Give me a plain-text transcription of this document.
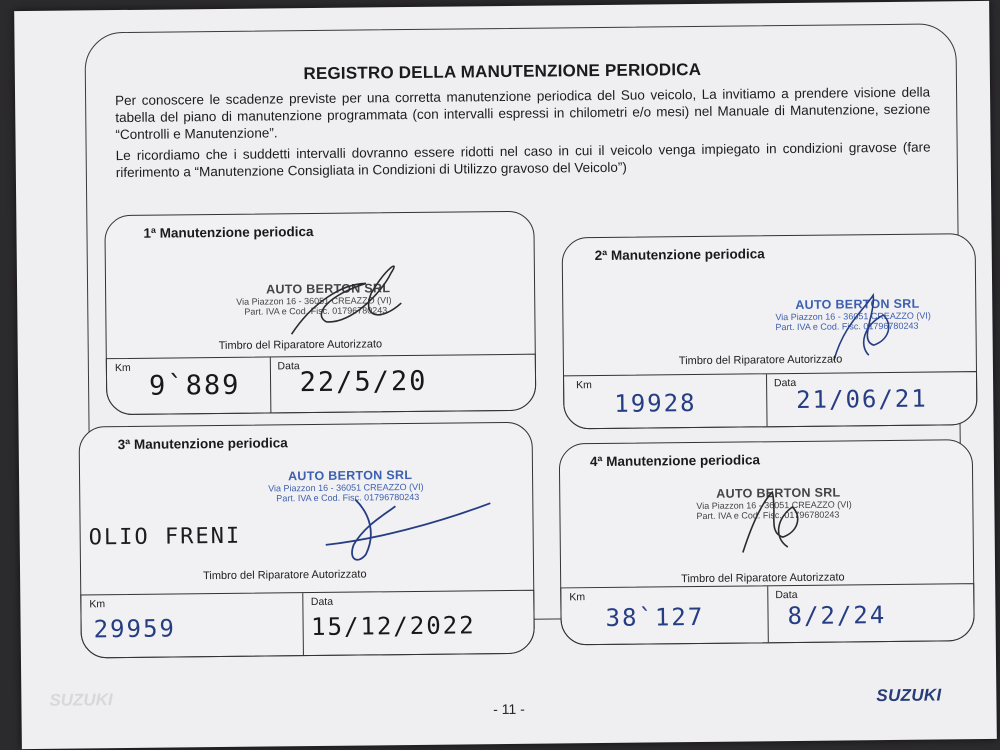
REGISTRO DELLA MANUTENZIONE PERIODICA

Per conoscere le scadenze previste per una corretta manutenzione periodica del Suo veicolo, La invitiamo a prendere visione della tabella del piano di manutenzione programmata (con intervalli espressi in chilometri e/o mesi) nel Manuale di Manutenzione, sezione “Controlli e Manutenzione”.

Le ricordiamo che i suddetti intervalli dovranno essere ridotti nel caso in cui il veicolo venga impiegato in condizioni gravose (fare riferimento a “Manutenzione Consigliata in Condizioni di Utilizzo gravoso del Veicolo”)

1ª Manutenzione periodica
AUTO BERTON SRL
Via Piazzon 16 - 36051 CREAZZO (VI)
Part. IVA e Cod. Fisc. 01796780243
Timbro del Riparatore Autorizzato
Km
9`889
Data 22/5/20
2ª Manutenzione periodica
AUTO BERTON SRL
Via Piazzon 16 - 36051 CREAZZO (VI)
Part. IVA e Cod. Fisc. 01796780243
Timbro del Riparatore Autorizzato
Km
19928
Data
21/06/21
3ª Manutenzione periodica
AUTO BERTON SRL
Via Piazzon 16 - 36051 CREAZZO (VI)
Part. IVA e Cod. Fisc. 01796780243
OLIO FRENI
Timbro del Riparatore Autorizzato
Km
29959
Data
15/12/2022
4ª Manutenzione periodica
AUTO BERTON SRL
Via Piazzon 16 - 36051 CREAZZO (VI)
Part. IVA e Cod. Fisc. 01796780243
Timbro del Riparatore Autorizzato
Km
38`127
Data
8/2/24
SUZUKI	- 11 -
SUZUKI
